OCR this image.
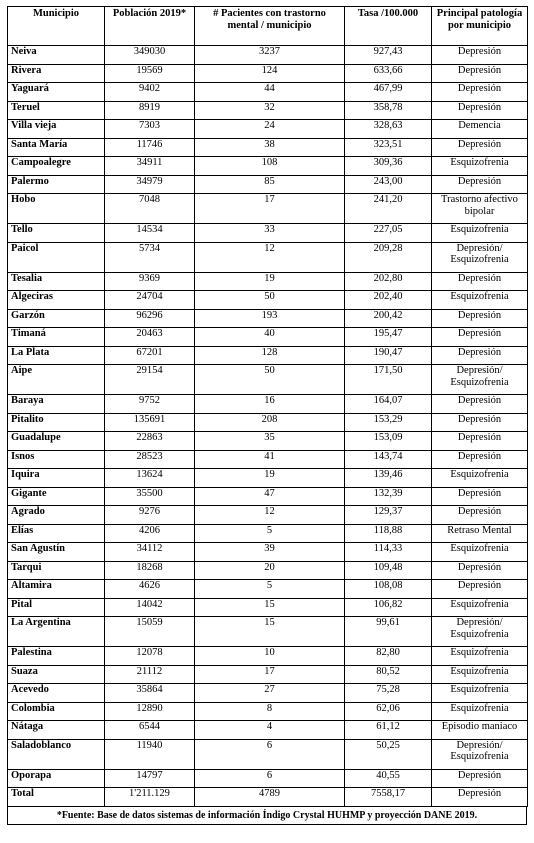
Municipio	Población 2019*	# Pacientes con trastorno mental / municipio	Tasa /100.000	Principal patología por municipio
Neiva	349030	3237	927,43	Depresión
Rivera	19569	124	633,66	Depresión
Yaguará	9402	44	467,99	Depresión
Teruel	8919	32	358,78	Depresión
Villa vieja	7303	24	328,63	Demencia
Santa María	11746	38	323,51	Depresión
Campoalegre	34911	108	309,36	Esquizofrenia
Palermo	34979	85	243,00	Depresión
Hobo	7048	17	241,20	Trastorno afectivo bipolar
Tello	14534	33	227,05	Esquizofrenia
Paicol	5734	12	209,28	Depresión/ Esquizofrenia
Tesalia	9369	19	202,80	Depresión
Algeciras	24704	50	202,40	Esquizofrenia
Garzón	96296	193	200,42	Depresión
Timaná	20463	40	195,47	Depresión
La Plata	67201	128	190,47	Depresión
Aipe	29154	50	171,50	Depresión/ Esquizofrenia
Baraya	9752	16	164,07	Depresión
Pitalito	135691	208	153,29	Depresión
Guadalupe	22863	35	153,09	Depresión
Isnos	28523	41	143,74	Depresión
Iquira	13624	19	139,46	Esquizofrenia
Gigante	35500	47	132,39	Depresión
Agrado	9276	12	129,37	Depresión
Elías	4206	5	118,88	Retraso Mental
San Agustín	34112	39	114,33	Esquizofrenia
Tarqui	18268	20	109,48	Depresión
Altamira	4626	5	108,08	Depresión
Pital	14042	15	106,82	Esquizofrenia
La Argentina	15059	15	99,61	Depresión/ Esquizofrenia
Palestina	12078	10	82,80	Esquizofrenia
Suaza	21112	17	80,52	Esquizofrenia
Acevedo	35864	27	75,28	Esquizofrenia
Colombia	12890	8	62,06	Esquizofrenia
Nátaga	6544	4	61,12	Episodio maniaco
Saladoblanco	11940	6	50,25	Depresión/ Esquizofrenia
Oporapa	14797	6	40,55	Depresión
Total	1'211.129	4789	7558,17	Depresión
*Fuente: Base de datos sistemas de información Índigo Crystal HUHMP y proyección DANE 2019.
